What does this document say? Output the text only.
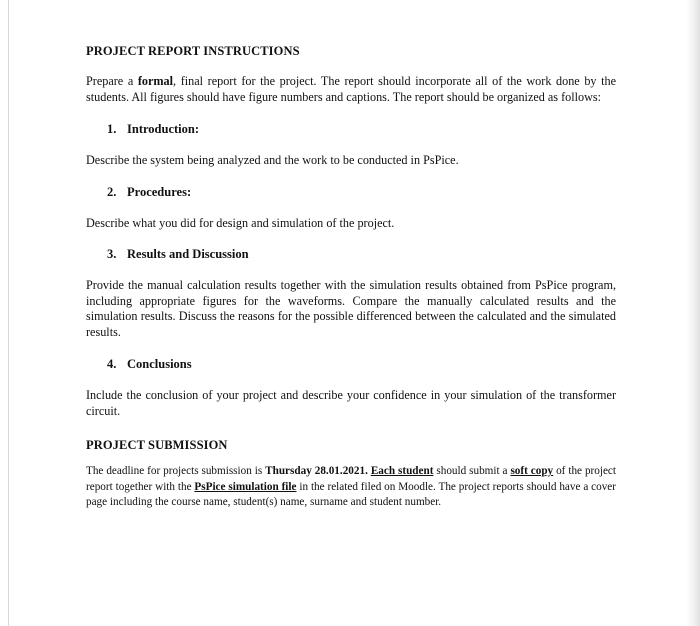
PROJECT REPORT INSTRUCTIONS

Prepare a formal, final report for the project. The report should incorporate all of the work done by the students. All figures should have figure numbers and captions. The report should be organized as follows:

1. Introduction:

Describe the system being analyzed and the work to be conducted in PsPice.

2. Procedures:

Describe what you did for design and simulation of the project.

3. Results and Discussion

Provide the manual calculation results together with the simulation results obtained from PsPice program, including appropriate figures for the waveforms. Compare the manually calculated results and the simulation results. Discuss the reasons for the possible differenced between the calculated and the simulated results.

4. Conclusions

Include the conclusion of your project and describe your confidence in your simulation of the transformer circuit.

PROJECT SUBMISSION

The deadline for projects submission is Thursday 28.01.2021. Each student should submit a soft copy of the project report together with the PsPice simulation file in the related filed on Moodle. The project reports should have a cover page including the course name, student(s) name, surname and student number.
